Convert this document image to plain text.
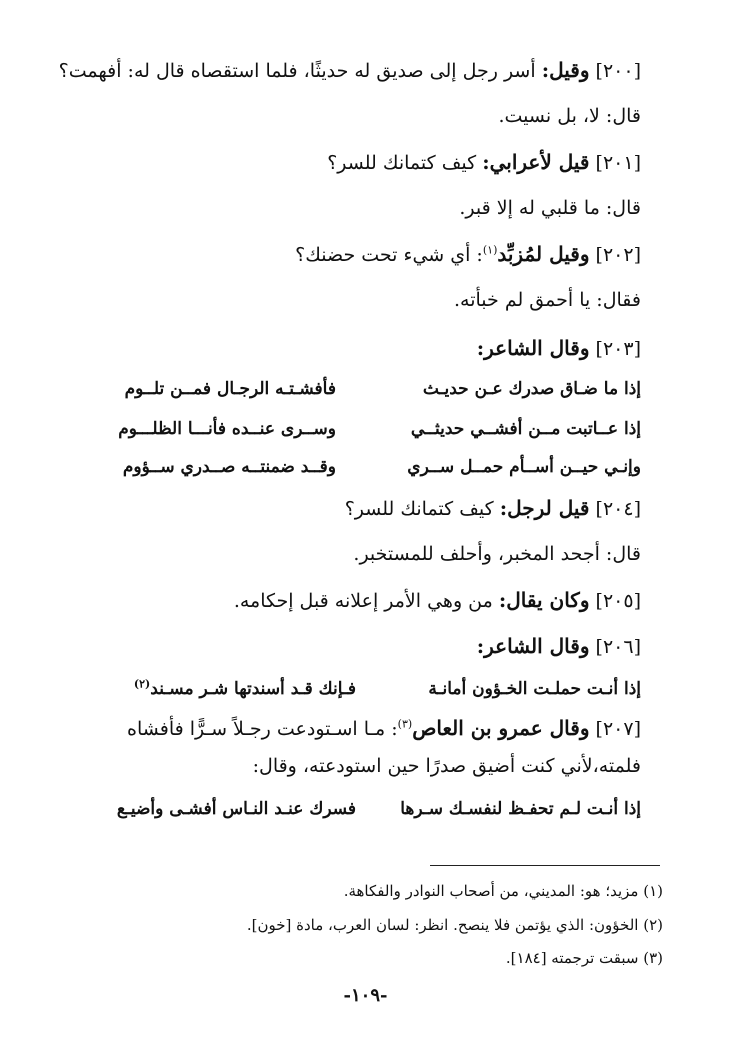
[٢٠٠] وقيل: أسر رجل إلى صديق له حديثًا، فلما استقصاه قال له: أفهمت؟
قال: لا، بل نسيت.
[٢٠١] قيل لأعرابي: كيف كتمانك للسر؟
قال: ما قلبي له إلا قبر.
[٢٠٢] وقيل لمُزبِّد$^{(١)}$: أي شيء تحت حضنك؟
فقال: يا أحمق لم خبأته.
[٢٠٣] وقال الشاعر:
إذا ما ضـاق صدرك عـن حديـث
فأفشـتـه الرجـال فمــن تلــوم
إذا عــاتبت مــن أفشــي حديثــي
وســرى عنــده فأنـــا الظلـــوم
وإنـي حيــن أســأم حمــل ســري
وقــد ضمنتــه صــدري ســؤوم
[٢٠٤] قيل لرجل: كيف كتمانك للسر؟
قال: أجحد المخبر، وأحلف للمستخبر.
[٢٠٥] وكان يقال: من وهي الأمر إعلانه قبل إحكامه.
[٢٠٦] وقال الشاعر:
إذا أنـت حملـت الخـؤون أمانـة
فـإنك قـد أسندتها شـر مسـند$^{(٢)}$
[٢٠٧] وقال عمرو بن العاص$^{(٣)}$: مـا اسـتودعت رجـلاً سـرًّا فأفشاه
فلمته،لأني كنت أضيق صدرًا حين استودعته، وقال:
إذا أنـت لـم تحفـظ لنفسـك سـرها
فسرك عنـد النـاس أفشـى وأضيـع
(١) مزيد؛ هو: المديني، من أصحاب النوادر والفكاهة.
(٢) الخؤون: الذي يؤتمن فلا ينصح. انظر: لسان العرب، مادة [خون].
(٣) سبقت ترجمته [١٨٤].
-١٠٩-
